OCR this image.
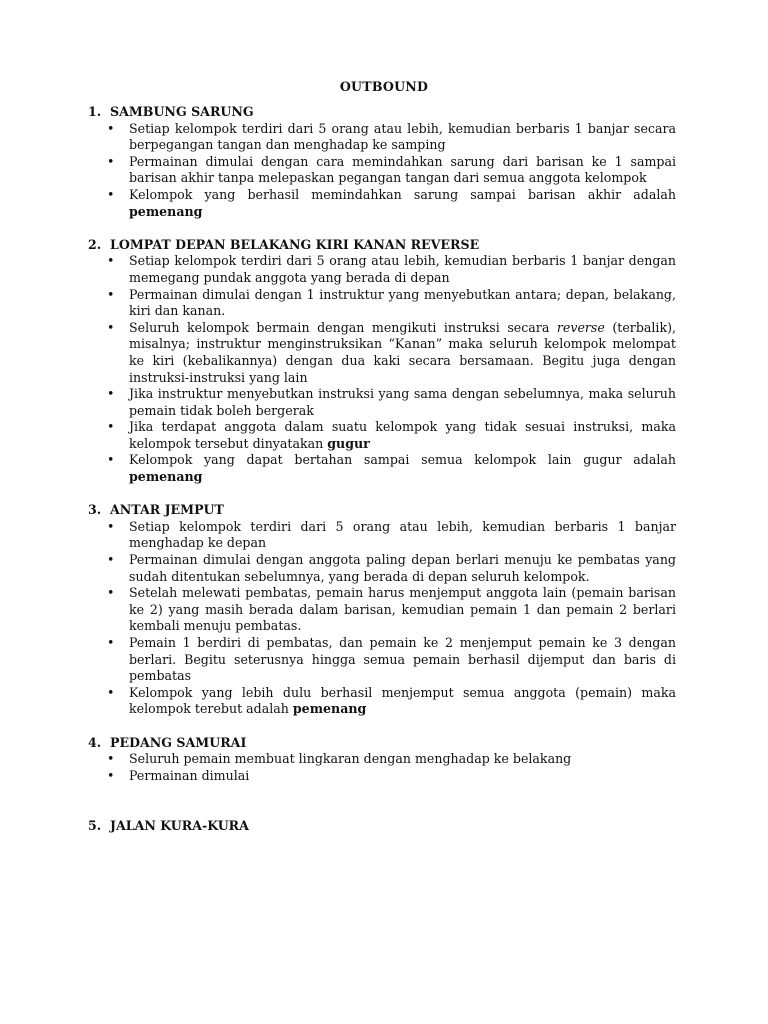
OUTBOUND
1. SAMBUNG SARUNG
•	Setiap kelompok terdiri dari 5 orang atau lebih, kemudian berbaris 1 banjar secara berpegangan tangan dan menghadap ke samping
•	Permainan dimulai dengan cara memindahkan sarung dari barisan ke 1 sampai barisan akhir tanpa melepaskan pegangan tangan dari semua anggota kelompok
•	Kelompok yang berhasil memindahkan sarung sampai barisan akhir adalah pemenang
2. LOMPAT DEPAN BELAKANG KIRI KANAN REVERSE
•	Setiap kelompok terdiri dari 5 orang atau lebih, kemudian berbaris 1 banjar dengan memegang pundak anggota yang berada di depan
•	Permainan dimulai dengan 1 instruktur yang menyebutkan antara; depan, belakang, kiri dan kanan.
•	Seluruh kelompok bermain dengan mengikuti instruksi secara reverse (terbalik), misalnya; instruktur menginstruksikan “Kanan” maka seluruh kelompok melompat ke kiri (kebalikannya) dengan dua kaki secara bersamaan. Begitu juga dengan instruksi-instruksi yang lain
•	Jika instruktur menyebutkan instruksi yang sama dengan sebelumnya, maka seluruh pemain tidak boleh bergerak
•	Jika terdapat anggota dalam suatu kelompok yang tidak sesuai instruksi, maka kelompok tersebut dinyatakan gugur
•	Kelompok yang dapat bertahan sampai semua kelompok lain gugur adalah pemenang
3. ANTAR JEMPUT
•	Setiap kelompok terdiri dari 5 orang atau lebih, kemudian berbaris 1 banjar menghadap ke depan
•	Permainan dimulai dengan anggota paling depan berlari menuju ke pembatas yang sudah ditentukan sebelumnya, yang berada di depan seluruh kelompok.
•	Setelah melewati pembatas, pemain harus menjemput anggota lain (pemain barisan ke 2) yang masih berada dalam barisan, kemudian pemain 1 dan pemain 2 berlari kembali menuju pembatas.
•	Pemain 1 berdiri di pembatas, dan pemain ke 2 menjemput pemain ke 3 dengan berlari. Begitu seterusnya hingga semua pemain berhasil dijemput dan baris di pembatas
•	Kelompok yang lebih dulu berhasil menjemput semua anggota (pemain) maka kelompok terebut adalah pemenang
4. PEDANG SAMURAI
•	Seluruh pemain membuat lingkaran dengan menghadap ke belakang
•	Permainan dimulai
5. JALAN KURA-KURA
